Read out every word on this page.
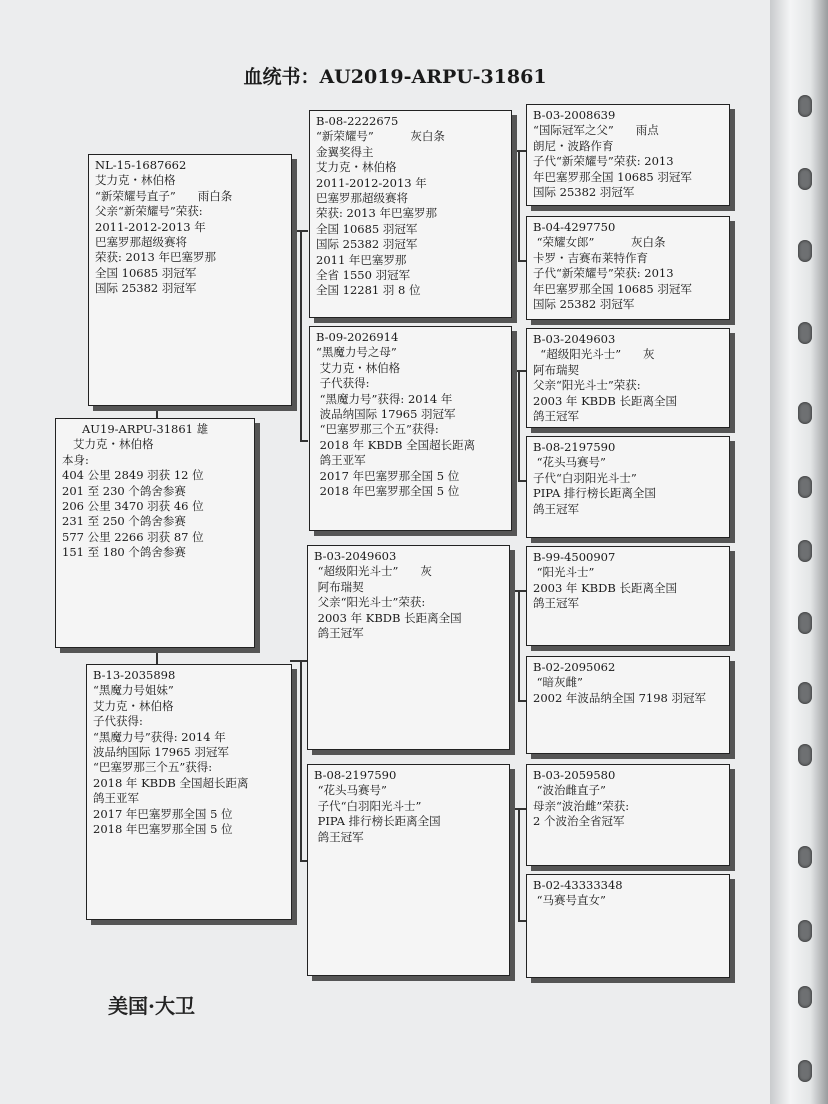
血统书：AU2019-ARPU-31861
NL-15-1687662
艾力克・林伯格
“新荣耀号直子”      雨白条
父亲“新荣耀号”荣获:
2011-2012-2013 年
巴塞罗那超级赛将
荣获: 2013 年巴塞罗那
全国 10685 羽冠军
国际 25382 羽冠军
AU19-ARPU-31861 雄
艾力克・林伯格
本身:
404 公里 2849 羽获 12 位
201 至 230 个鸽舍参赛
206 公里 3470 羽获 46 位
231 至 250 个鸽舍参赛
577 公里 2266 羽获 87 位
151 至 180 个鸽舍参赛
B-13-2035898
“黑魔力号姐妹”
艾力克・林伯格
子代获得:
“黑魔力号”获得: 2014 年
波品纳国际 17965 羽冠军
“巴塞罗那三个五”获得:
2018 年 KBDB 全国超长距离
鸽王亚军
2017 年巴塞罗那全国 5 位
2018 年巴塞罗那全国 5 位
B-08-2222675
“新荣耀号”          灰白条
金翼奖得主
艾力克・林伯格
2011-2012-2013 年
巴塞罗那超级赛将
荣获: 2013 年巴塞罗那
全国 10685 羽冠军
国际 25382 羽冠军
2011 年巴塞罗那
全省 1550 羽冠军
全国 12281 羽 8 位
B-09-2026914
“黑魔力号之母”
艾力克・林伯格
子代获得:
“黑魔力号”获得: 2014 年
波品纳国际 17965 羽冠军
“巴塞罗那三个五”获得:
2018 年 KBDB 全国超长距离
鸽王亚军
2017 年巴塞罗那全国 5 位
2018 年巴塞罗那全国 5 位
B-03-2049603
“超级阳光斗士”      灰
阿布瑞契
父亲“阳光斗士”荣获:
2003 年 KBDB 长距离全国
鸽王冠军
B-08-2197590
“花头马赛号”
子代“白羽阳光斗士”
PIPA 排行榜长距离全国
鸽王冠军
B-03-2008639
“国际冠军之父”      雨点
朗尼・波路作育
子代“新荣耀号”荣获: 2013
年巴塞罗那全国 10685 羽冠军
国际 25382 羽冠军
B-04-4297750
“荣耀女郎”          灰白条
卡罗・吉赛布莱特作育
子代“新荣耀号”荣获: 2013
年巴塞罗那全国 10685 羽冠军
国际 25382 羽冠军
B-03-2049603
“超级阳光斗士”      灰
阿布瑞契
父亲“阳光斗士”荣获:
2003 年 KBDB 长距离全国
鸽王冠军
B-08-2197590
“花头马赛号”
子代“白羽阳光斗士”
PIPA 排行榜长距离全国
鸽王冠军
B-99-4500907
“阳光斗士”
2003 年 KBDB 长距离全国
鸽王冠军
B-02-2095062
“暗灰雌”
2002 年波品纳全国 7198 羽冠军
B-03-2059580
“波治雌直子”
母亲“波治雌”荣获:
2 个波治全省冠军
B-02-43333348
“马赛号直女”
美国·大卫
